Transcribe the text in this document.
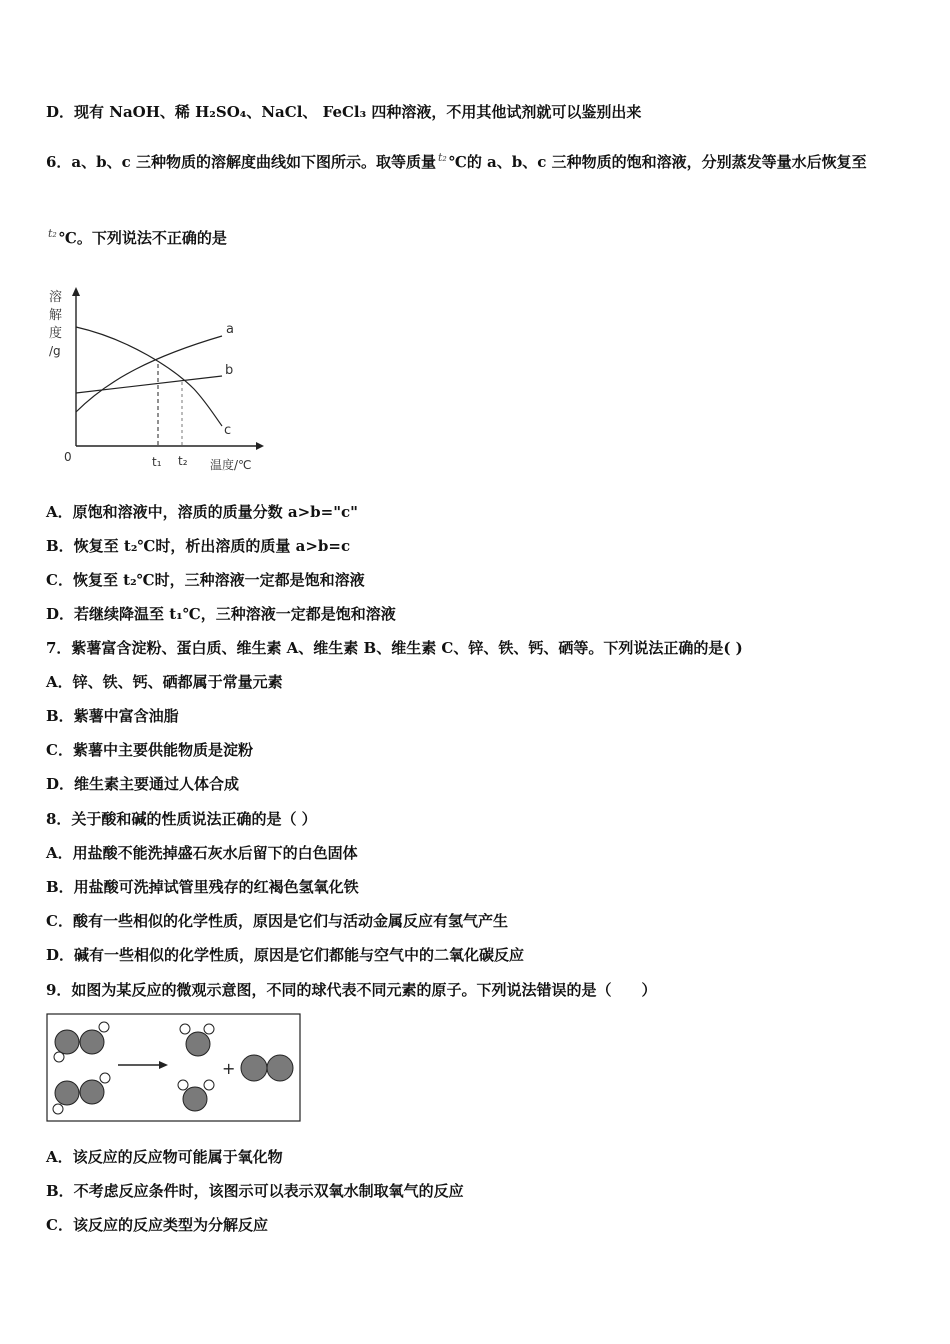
D．现有 NaOH、稀 H₂SO₄、NaCl、 FeCl₃ 四种溶液，不用其他试剂就可以鉴别出来
6．a、b、c 三种物质的溶解度曲线如下图所示。取等质量 t₂ ℃的 a、b、c 三种物质的饱和溶液，分别蒸发等量水后恢复至
t₂ ℃。下列说法不正确的是
溶
解
度
/g
0	t₁ t₂ 温度/℃
a
b
c
A．原饱和溶液中，溶质的质量分数 a>b="c"
B．恢复至 t₂℃时，析出溶质的质量 a>b=c
C．恢复至 t₂℃时，三种溶液一定都是饱和溶液
D．若继续降温至 t₁℃，三种溶液一定都是饱和溶液
7．紫薯富含淀粉、蛋白质、维生素 A、维生素 B、维生素 C、锌、铁、钙、硒等。下列说法正确的是( )
A．锌、铁、钙、硒都属于常量元素
B．紫薯中富含油脂
C．紫薯中主要供能物质是淀粉
D．维生素主要通过人体合成
8．关于酸和碱的性质说法正确的是（ ）
A．用盐酸不能洗掉盛石灰水后留下的白色固体
B．用盐酸可洗掉试管里残存的红褐色氢氧化铁
C．酸有一些相似的化学性质，原因是它们与活动金属反应有氢气产生
D．碱有一些相似的化学性质，原因是它们都能与空气中的二氧化碳反应
9．如图为某反应的微观示意图，不同的球代表不同元素的原子。下列说法错误的是（　　）
+
A．该反应的反应物可能属于氧化物
B．不考虑反应条件时，该图示可以表示双氧水制取氧气的反应
C．该反应的反应类型为分解反应
